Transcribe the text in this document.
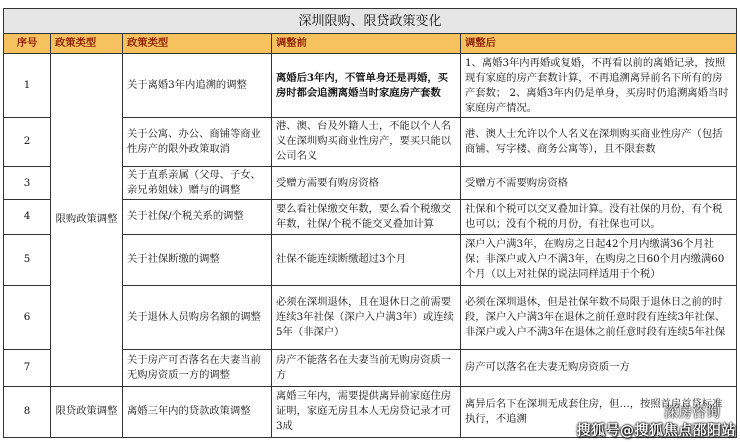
深圳限购、限贷政策变化				
序号	政策类型	政策类型	调整前	调整后
1	限购政策调整	关于离婚3年内追溯的调整	离婚后3年内，不管单身还是再婚，买房时都会追溯离婚当时家庭房产套数	1、离婚3年内再婚或复婚，不再看以前的离婚记录，按照现有家庭的房产套数计算，不再追溯离异前名下所有的房产套数； 2、离婚3年内仍是单身，买房时仍追溯离婚当时家庭房产情况。
2		关于公寓、办公、商铺等商业性房产的限外政策取消	港、澳、台及外籍人士，不能以个人名义在深圳购买商业性房产，要买只能以公司名义	港、澳人士允许以个人名义在深圳购买商业性房产（包括商铺、写字楼、商务公寓等），且不限套数
3		关于直系亲属（父母、子女、亲兄弟姐妹）赠与的调整	受赠方需要有购房资格	受赠方不需要购房资格
4		关于社保/个税关系的调整	要么看社保缴交年数，要么看个税缴交年数，社保/个税不能交叉叠加计算	社保和个税可以交叉叠加计算。没有社保的月份，有个税也可以；没有个税的月份，有社保也可以。
5		关于社保断缴的调整	社保不能连续断缴超过3个月	深户入户满3年，在购房之日起42个月内缴满36个月社保；非深户或入户不满3年，在购房之日60个月内缴满60个月（以上对社保的说法同样适用于个税）
6		关于退休人员购房名额的调整	必须在深圳退休，且在退休日之前需要连续3年社保（深户入户满3年）或连续5年（非深户）	必须在深圳退休，但是社保年数不局限于退休日之前的时段，深户入户满3年在退休之前任意时段有连续3年社保、非深户或入户不满3年在退休之前任意时段有连续5年社保
7		关于房产可否落名在夫妻当前无购房资质一方的调整	房产不能落名在夫妻当前无购房资质一方	房产可以落名在夫妻无购房资质一方
8	限贷政策调整	离婚三年内的贷款政策调整	离婚三年内，需要提供离异前家庭住房证明，家庭无房且本人无房贷记录才可3成	离异后名下在深圳无成套住房，但…，按照首房首贷标准执行，不追溯	深房咨询
搜狐号@搜狐焦点邵阳站
